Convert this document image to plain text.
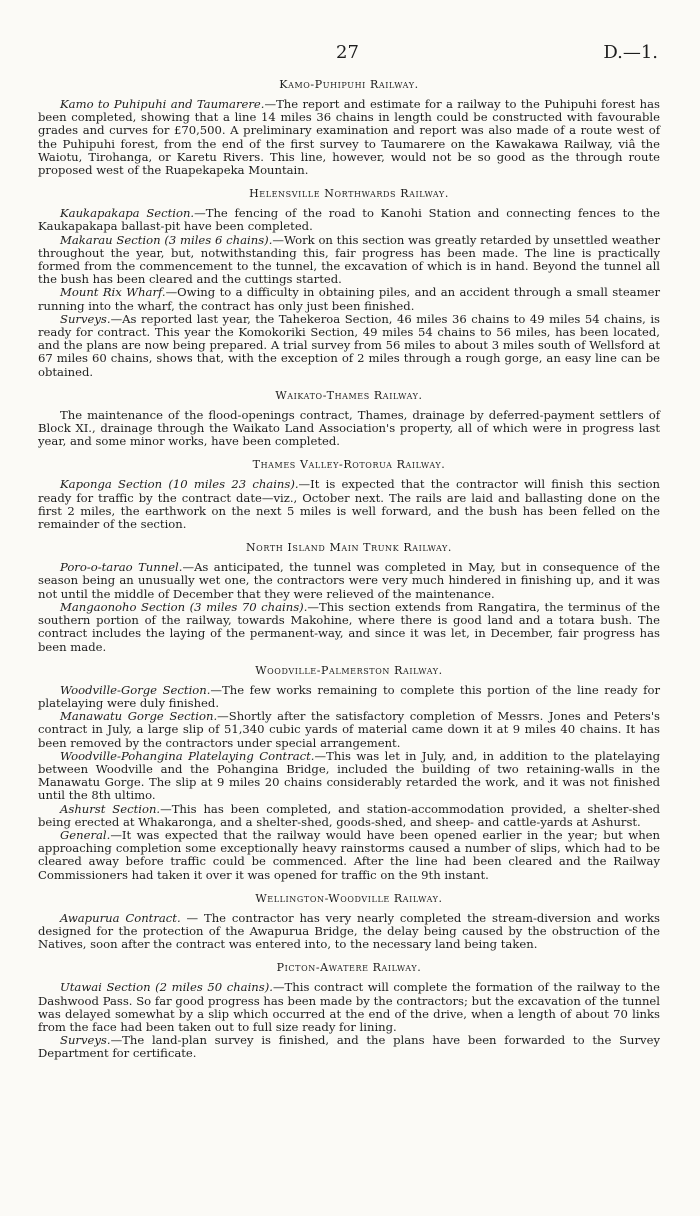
27	D.—1.
Kamo-Puhipuhi Railway.

Kamo to Puhipuhi and Taumarere.—The report and estimate for a railway to the Puhipuhi forest has been completed, showing that a line 14 miles 36 chains in length could be constructed with favourable grades and curves for £70,500. A preliminary examination and report was also made of a route west of the Puhipuhi forest, from the end of the first survey to Taumarere on the Kawakawa Railway, viâ the Waiotu, Tirohanga, or Karetu Rivers. This line, however, would not be so good as the through route proposed west of the Ruapekapeka Mountain.

Helensville Northwards Railway.

Kaukapakapa Section.—The fencing of the road to Kanohi Station and connecting fences to the Kaukapakapa ballast-pit have been completed.

Makarau Section (3 miles 6 chains).—Work on this section was greatly retarded by unsettled weather throughout the year, but, notwithstanding this, fair progress has been made. The line is practically formed from the commencement to the tunnel, the excavation of which is in hand. Beyond the tunnel all the bush has been cleared and the cuttings started.

Mount Rix Wharf.—Owing to a difficulty in obtaining piles, and an accident through a small steamer running into the wharf, the contract has only just been finished.

Surveys.—As reported last year, the Tahekeroa Section, 46 miles 36 chains to 49 miles 54 chains, is ready for contract. This year the Komokoriki Section, 49 miles 54 chains to 56 miles, has been located, and the plans are now being prepared. A trial survey from 56 miles to about 3 miles south of Wellsford at 67 miles 60 chains, shows that, with the exception of 2 miles through a rough gorge, an easy line can be obtained.

Waikato-Thames Railway.

The maintenance of the flood-openings contract, Thames, drainage by deferred-payment settlers of Block XI., drainage through the Waikato Land Association's property, all of which were in progress last year, and some minor works, have been completed.

Thames Valley-Rotorua Railway.

Kaponga Section (10 miles 23 chains).—It is expected that the contractor will finish this section ready for traffic by the contract date—viz., October next. The rails are laid and ballasting done on the first 2 miles, the earthwork on the next 5 miles is well forward, and the bush has been felled on the remainder of the section.

North Island Main Trunk Railway.

Poro-o-tarao Tunnel.—As anticipated, the tunnel was completed in May, but in consequence of the season being an unusually wet one, the contractors were very much hindered in finishing up, and it was not until the middle of December that they were relieved of the maintenance.

Mangaonoho Section (3 miles 70 chains).—This section extends from Rangatira, the terminus of the southern portion of the railway, towards Makohine, where there is good land and a totara bush. The contract includes the laying of the permanent-way, and since it was let, in December, fair progress has been made.

Woodville-Palmerston Railway.

Woodville-Gorge Section.—The few works remaining to complete this portion of the line ready for platelaying were duly finished.

Manawatu Gorge Section.—Shortly after the satisfactory completion of Messrs. Jones and Peters's contract in July, a large slip of 51,340 cubic yards of material came down it at 9 miles 40 chains. It has been removed by the contractors under special arrangement.

Woodville-Pohangina Platelaying Contract.—This was let in July, and, in addition to the platelaying between Woodville and the Pohangina Bridge, included the building of two retaining-walls in the Manawatu Gorge. The slip at 9 miles 20 chains considerably retarded the work, and it was not finished until the 8th ultimo.

Ashurst Section.—This has been completed, and station-accommodation provided, a shelter-shed being erected at Whakaronga, and a shelter-shed, goods-shed, and sheep- and cattle-yards at Ashurst.

General.—It was expected that the railway would have been opened earlier in the year; but when approaching completion some exceptionally heavy rainstorms caused a number of slips, which had to be cleared away before traffic could be commenced. After the line had been cleared and the Railway Commissioners had taken it over it was opened for traffic on the 9th instant.

Wellington-Woodville Railway.

Awapurua Contract. — The contractor has very nearly completed the stream-diversion and works designed for the protection of the Awapurua Bridge, the delay being caused by the obstruction of the Natives, soon after the contract was entered into, to the necessary land being taken.

Picton-Awatere Railway.

Utawai Section (2 miles 50 chains).—This contract will complete the formation of the railway to the Dashwood Pass. So far good progress has been made by the contractors; but the excavation of the tunnel was delayed somewhat by a slip which occurred at the end of the drive, when a length of about 70 links from the face had been taken out to full size ready for lining.

Surveys.—The land-plan survey is finished, and the plans have been forwarded to the Survey Department for certificate.
